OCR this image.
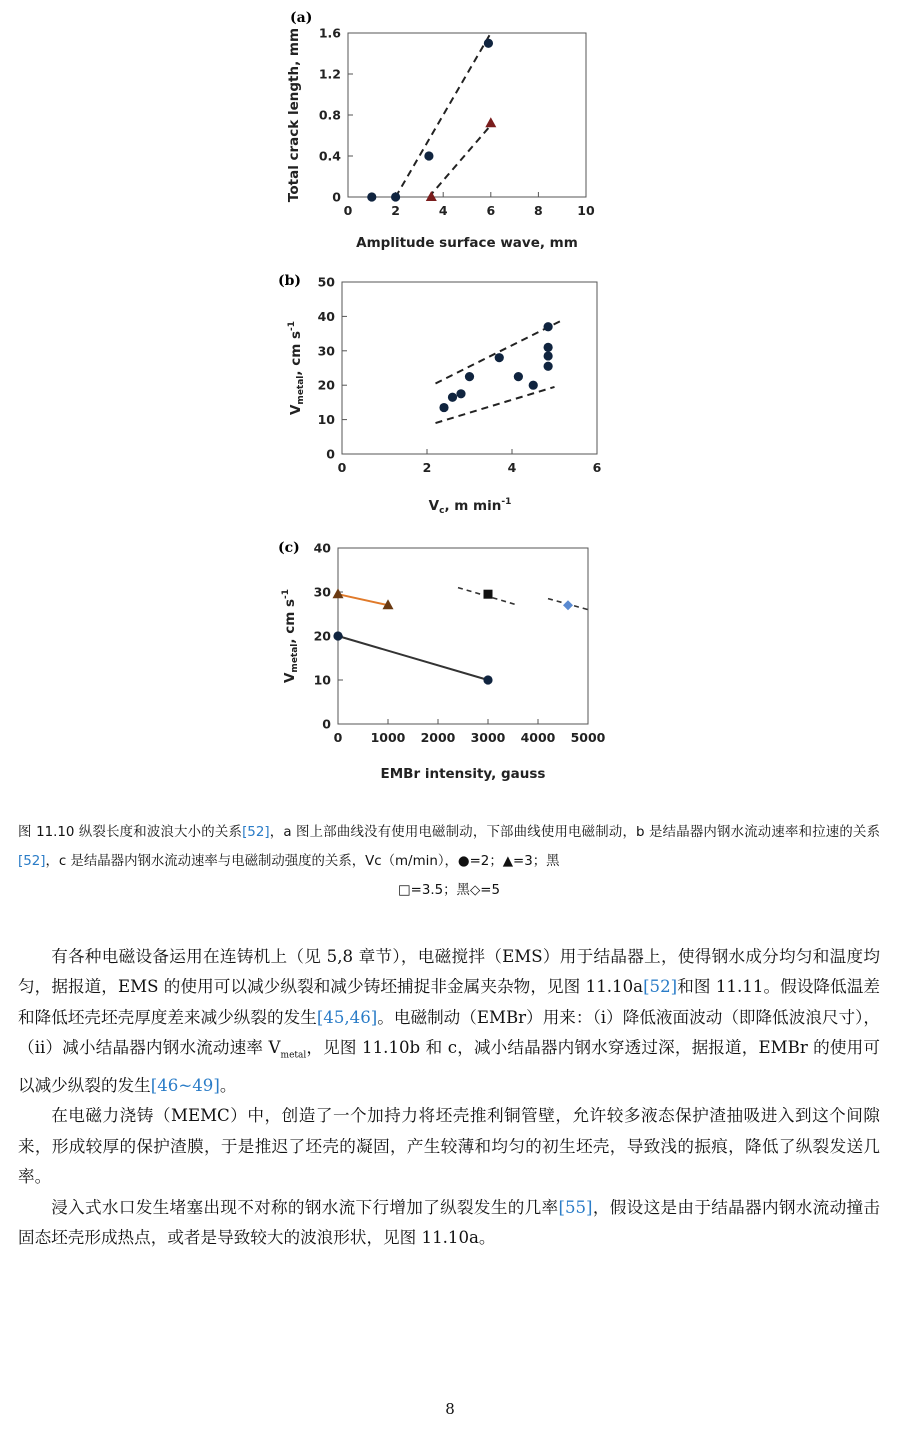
(a)
0	2	4	6	8	10
0
0.4
0.8
1.2
1.6
Amplitude surface wave, mm
Total crack length, mm
(b)
0	2	4	6
0
10
20
30
40
50
$V_c$, m $\min^{-1}$
$V_{metal}$, cm $s^{-1}$
(c)
0 1000 2000 3000 4000 5000
0
10
20
30
40
EMBr intensity, gauss
$V_{metal}$, cm $s^{-1}$
图 11.10 纵裂长度和波浪大小的关系[52]，a 图上部曲线没有使用电磁制动，下部曲线使用电磁制动，b 是结晶器内钢水流动速率和拉速的关系[52]，c 是结晶器内钢水流动速率与电磁制动强度的关系，Vc（m/min），●=2；▲=3；黑
□=3.5；黑◇=5

有各种电磁设备运用在连铸机上（见 5,8 章节），电磁搅拌（EMS）用于结晶器上，使得钢水成分均匀和温度均匀，据报道，EMS 的使用可以减少纵裂和减少铸坯捕捉非金属夹杂物，见图 11.10a[52]和图 11.11。假设降低温差和降低坯壳坯壳厚度差来减少纵裂的发生[45,46]。电磁制动（EMBr）用来：（i）降低液面波动（即降低波浪尺寸），（ii）减小结晶器内钢水流动速率 $V_{metal}$，见图 11.10b 和 c，减小结晶器内钢水穿透过深，据报道，EMBr 的使用可以减少纵裂的发生[46~49]。

在电磁力浇铸（MEMC）中，创造了一个加持力将坯壳推利铜管壁，允许较多液态保护渣抽吸进入到这个间隙来，形成较厚的保护渣膜，于是推迟了坯壳的凝固，产生较薄和均匀的初生坯壳，导致浅的振痕，降低了纵裂发送几率。

浸入式水口发生堵塞出现不对称的钢水流下行增加了纵裂发生的几率[55]，假设这是由于结晶器内钢水流动撞击固态坯壳形成热点，或者是导致较大的波浪形状，见图 11.10a。

8
